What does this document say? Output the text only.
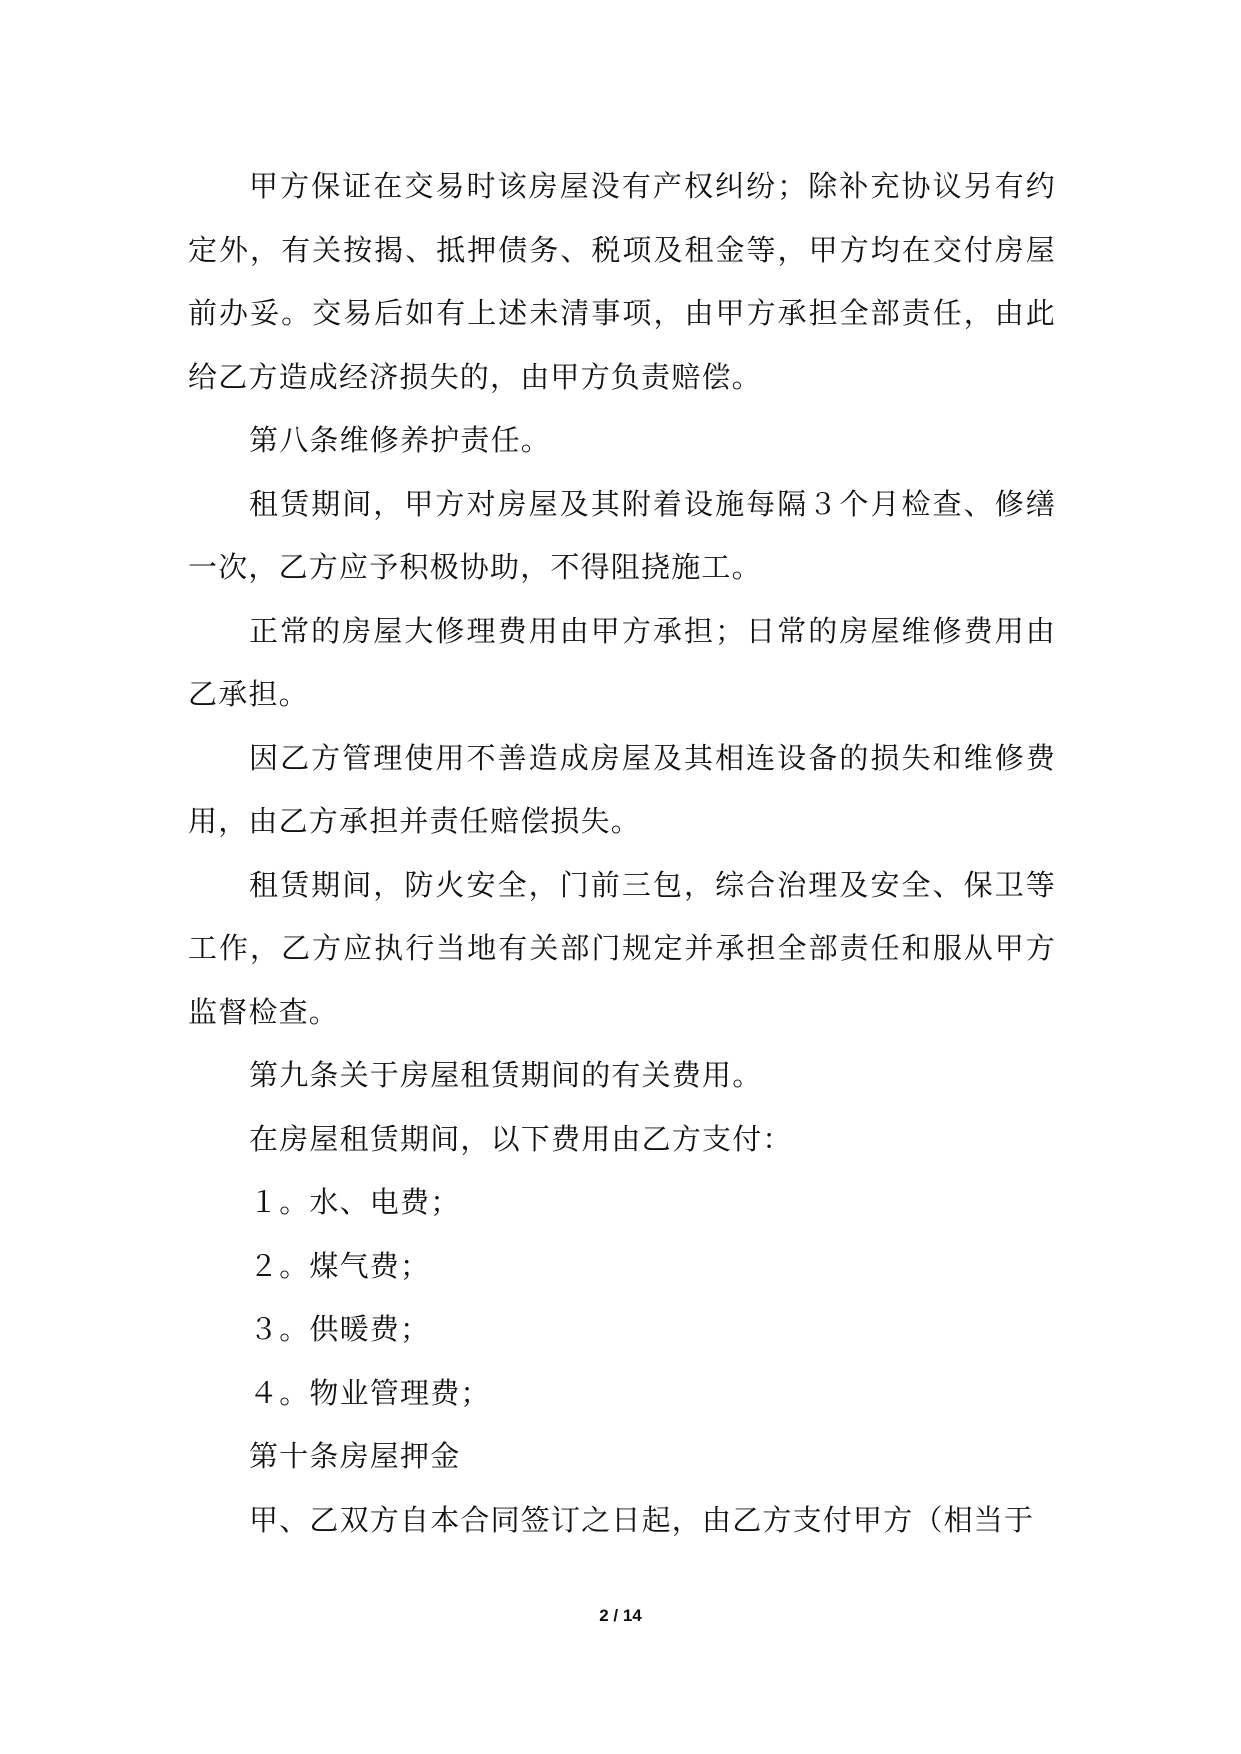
甲方保证在交易时该房屋没有产权纠纷；除补充协议另有约定外，有关按揭、抵押债务、税项及租金等，甲方均在交付房屋前办妥。交易后如有上述未清事项，由甲方承担全部责任，由此给乙方造成经济损失的，由甲方负责赔偿。

第八条维修养护责任。

租赁期间，甲方对房屋及其附着设施每隔３个月检查、修缮一次，乙方应予积极协助，不得阻挠施工。

正常的房屋大修理费用由甲方承担；日常的房屋维修费用由乙承担。

因乙方管理使用不善造成房屋及其相连设备的损失和维修费用，由乙方承担并责任赔偿损失。

租赁期间，防火安全，门前三包，综合治理及安全、保卫等工作，乙方应执行当地有关部门规定并承担全部责任和服从甲方监督检查。

第九条关于房屋租赁期间的有关费用。

在房屋租赁期间，以下费用由乙方支付：

１。水、电费；

２。煤气费；

３。供暖费；

４。物业管理费；

第十条房屋押金

甲、乙双方自本合同签订之日起，由乙方支付甲方（相当于

2 / 14
